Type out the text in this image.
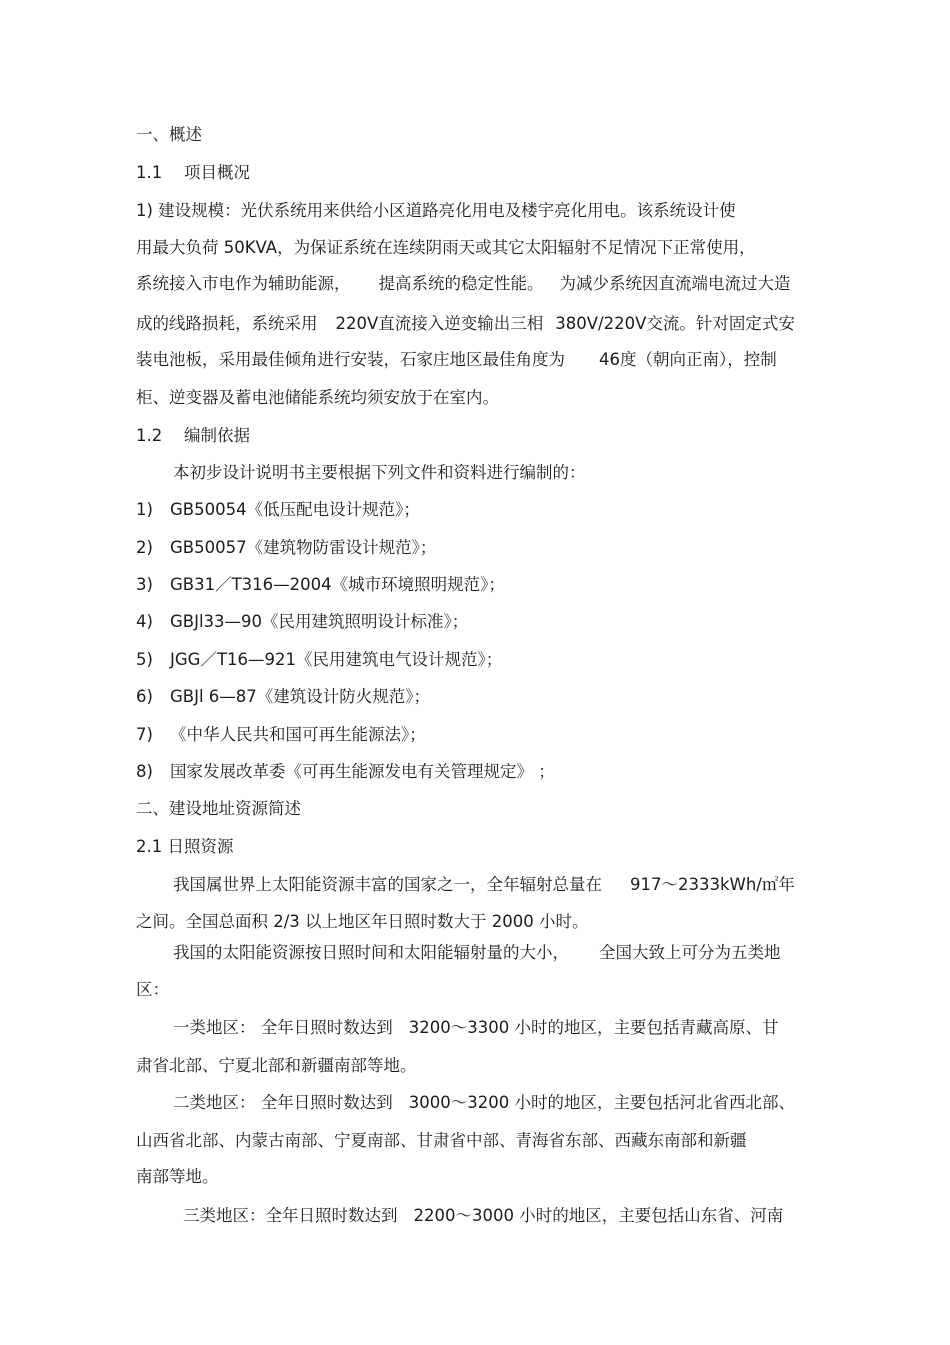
一、概述
1.1 项目概况
1) 建设规模：光伏系统用来供给小区道路亮化用电及楼宇亮化用电。该系统设计使
用最大负荷 50KVA，为保证系统在连续阴雨天或其它太阳辐射不足情况下正常使用，
系统接入市电作为辅助能源， 提高系统的稳定性能。 为减少系统因直流端电流过大造
成的线路损耗，系统采用 220V直流接入逆变输出三相 380V/220V交流。针对固定式安
装电池板，采用最佳倾角进行安装，石家庄地区最佳角度为 46度（朝向正南），控制
柜、逆变器及蓄电池储能系统均须安放于在室内。
1.2 编制依据
本初步设计说明书主要根据下列文件和资料进行编制的：
1) GB50054《低压配电设计规范》；
2) GB50057《建筑物防雷设计规范》；
3) GB31／T316—2004《城市环境照明规范》；
4) GBJl33—90《民用建筑照明设计标准》；
5) JGG／T16—921《民用建筑电气设计规范》；
6) GBJl 6—87《建筑设计防火规范》；
7) 《中华人民共和国可再生能源法》；
8) 国家发展改革委《可再生能源发电有关管理规定》 ；
二、建设地址资源简述
2.1 日照资源
我国属世界上太阳能资源丰富的国家之一，全年辐射总量在 917～2333kWh/㎡年
之间。全国总面积 2/3 以上地区年日照时数大于 2000 小时。
我国的太阳能资源按日照时间和太阳能辐射量的大小， 全国大致上可分为五类地
区：
一类地区： 全年日照时数达到 3200～3300 小时的地区，主要包括青藏高原、甘
肃省北部、宁夏北部和新疆南部等地。
二类地区： 全年日照时数达到 3000～3200 小时的地区，主要包括河北省西北部、
山西省北部、内蒙古南部、宁夏南部、甘肃省中部、青海省东部、西藏东南部和新疆
南部等地。
三类地区：全年日照时数达到 2200～3000 小时的地区，主要包括山东省、河南
